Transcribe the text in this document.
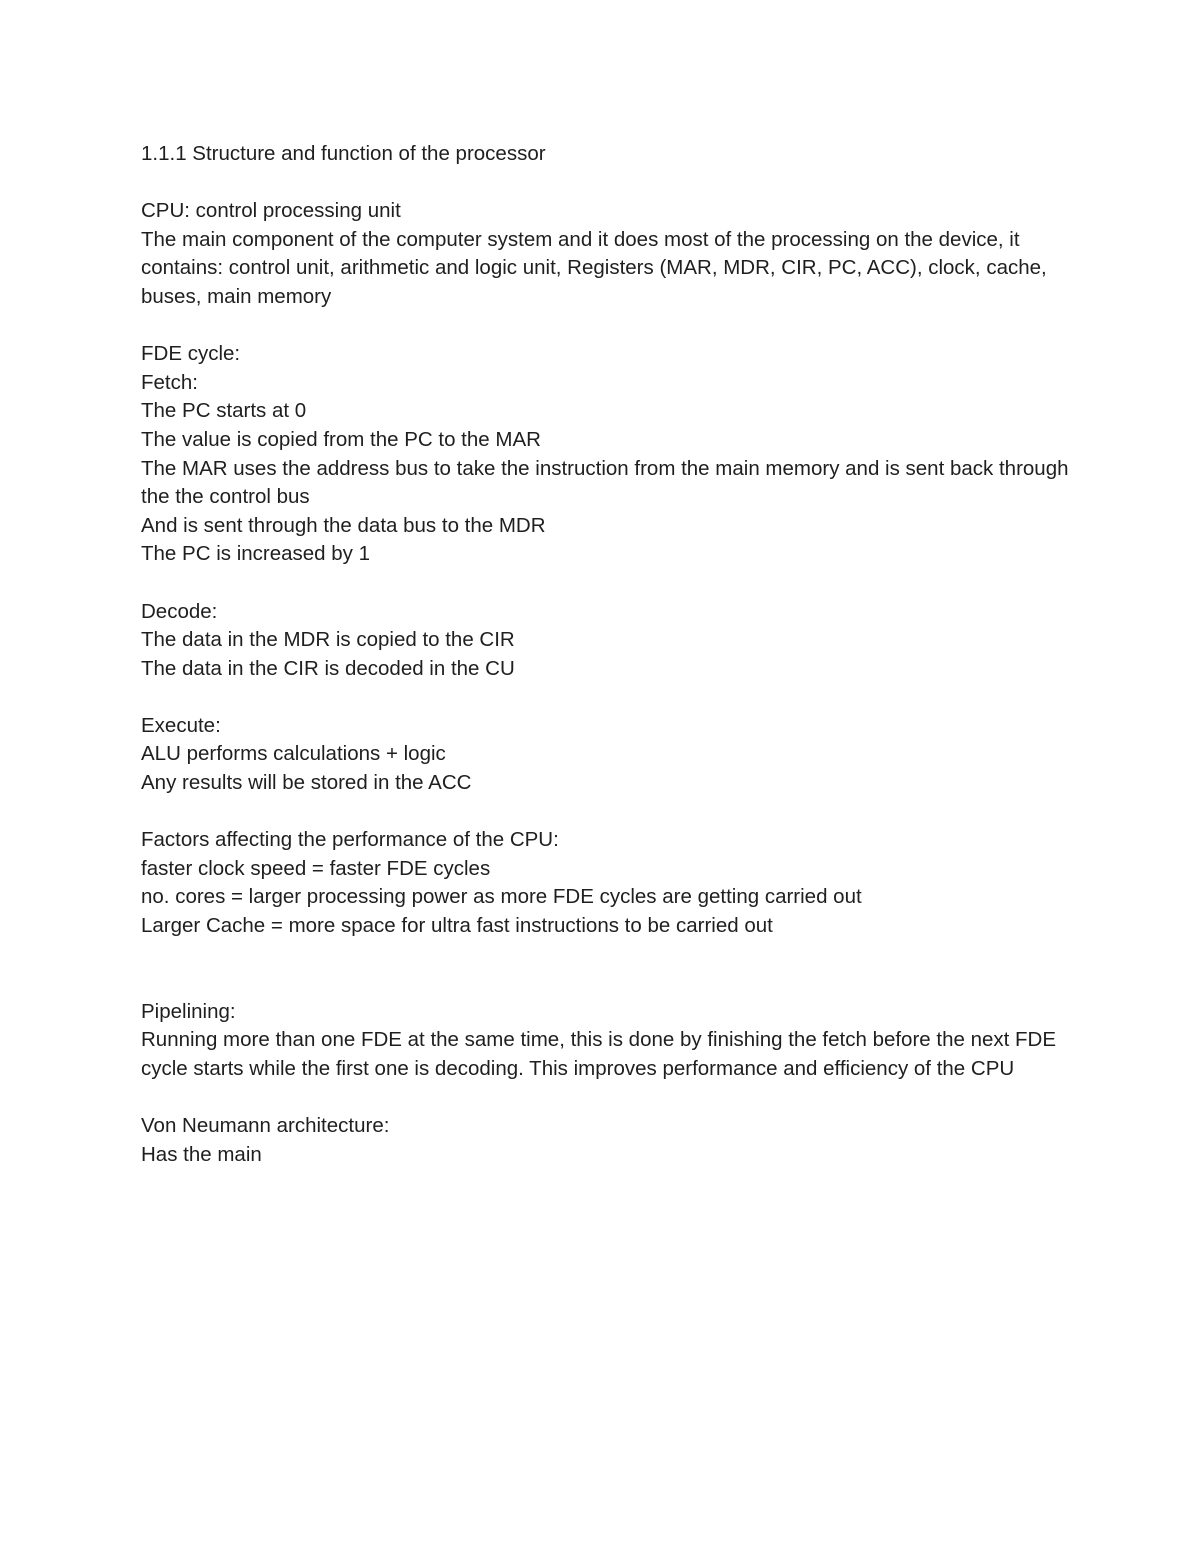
1.1.1 Structure and function of the processor

CPU: control processing unit

The main component of the computer system and it does most of the processing on the device, it contains: control unit, arithmetic and logic unit, Registers (MAR, MDR, CIR, PC, ACC), clock, cache, buses, main memory

FDE cycle:

Fetch:

The PC starts at 0

The value is copied from the PC to the MAR

The MAR uses the address bus to take the instruction from the main memory and is sent back through the the control bus

And is sent through the data bus to the MDR

The PC is increased by 1

Decode:

The data in the MDR is copied to the CIR

The data in the CIR is decoded in the CU

Execute:

ALU performs calculations + logic

Any results will be stored in the ACC

Factors affecting the performance of the CPU:

faster clock speed = faster FDE cycles

no. cores = larger processing power as more FDE cycles are getting carried out

Larger Cache = more space for ultra fast instructions to be carried out

Pipelining:

Running more than one FDE at the same time, this is done by finishing the fetch before the next FDE cycle starts while the first one is decoding. This improves performance and efficiency of the CPU

Von Neumann architecture:

Has the main
